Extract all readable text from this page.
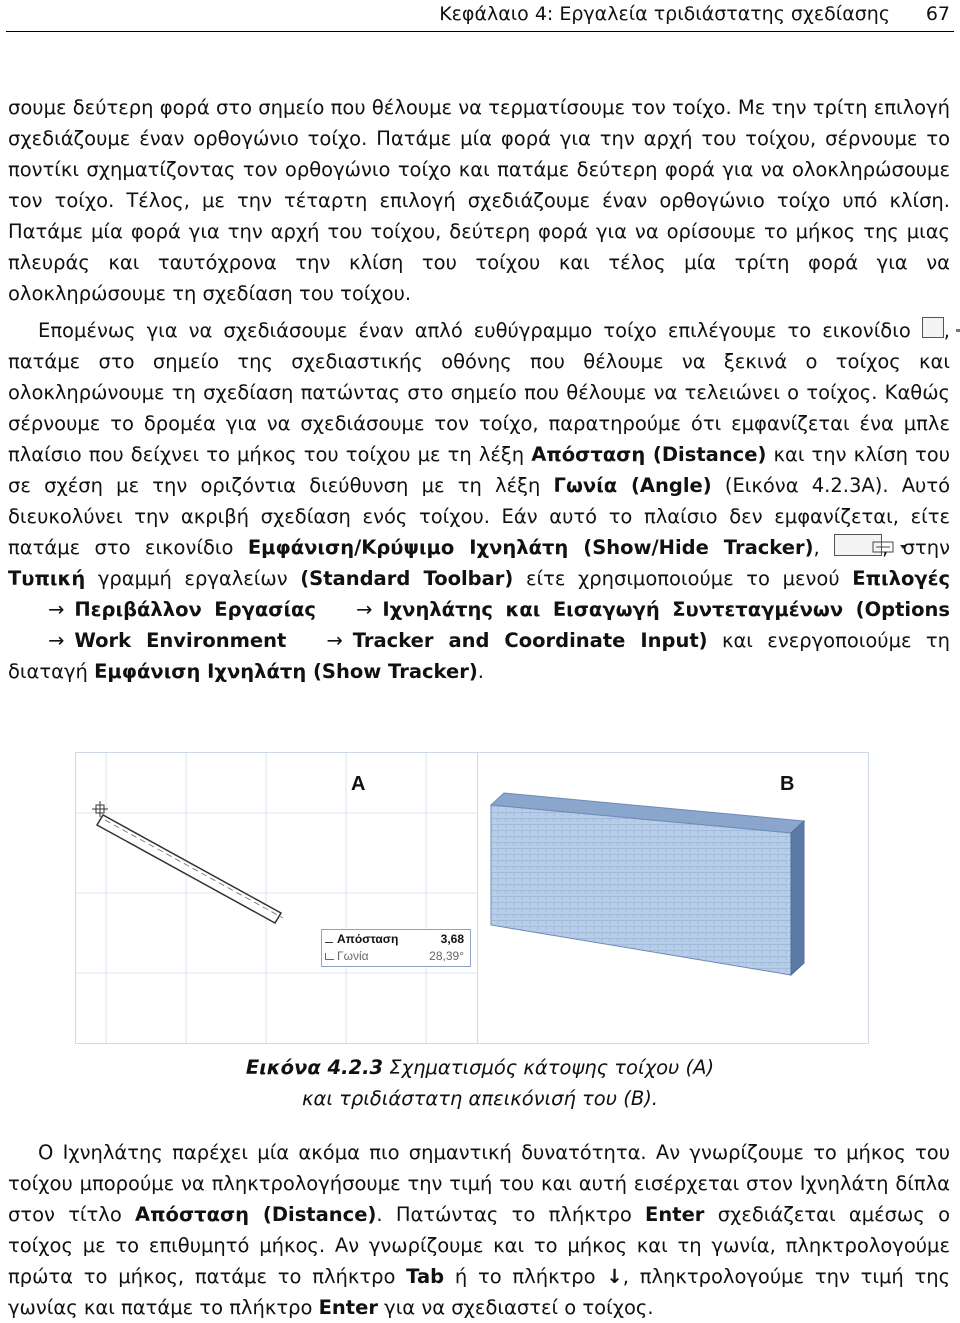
Κεφάλαιο 4: Εργαλεία τριδιάστατης σχεδίασης 67

σουμε δεύτερη φορά στο σημείο που θέλουμε να τερματίσουμε τον τοίχο. Με την τρίτη επιλογή σχεδιάζουμε έναν ορθογώνιο τοίχο. Πατάμε μία φορά για την αρχή του τοίχου, σέρνουμε το ποντίκι σχηματίζοντας τον ορθογώνιο τοίχο και πατάμε δεύτερη φορά για να ολοκληρώσουμε τον τοίχο. Τέλος, με την τέταρτη επιλογή σχεδιάζουμε έναν ορθογώνιο τοίχο υπό κλίση. Πατάμε μία φορά για την αρχή του τοίχου, δεύτερη φορά για να ορίσουμε το μήκος της μιας πλευράς και ταυτόχρονα την κλίση του τοίχου και τέλος μία τρίτη φορά για να ολοκληρώσουμε τη σχεδίαση του τοίχου.

Επομένως για να σχεδιάσουμε έναν απλό ευθύγραμμο τοίχο επιλέγουμε το εικονίδιο , πατάμε στο σημείο της σχεδιαστικής οθόνης που θέλουμε να ξεκινά ο τοίχος και ολοκληρώνουμε τη σχεδίαση πατώντας στο σημείο που θέλουμε να τελειώνει ο τοίχος. Καθώς σέρνουμε το δρομέα για να σχεδιάσουμε τον τοίχο, παρατηρούμε ότι εμφανίζεται ένα μπλε πλαίσιο που δείχνει το μήκος του τοίχου με τη λέξη Απόσταση (Distance) και την κλίση του σε σχέση με την οριζόντια διεύθυνση με τη λέξη Γωνία (Angle) (Εικόνα 4.2.3Α). Αυτό διευκολύνει την ακριβή σχεδίαση ενός τοίχου. Εάν αυτό το πλαίσιο δεν εμφανίζεται, είτε πατάμε στο εικονίδιο Εμφάνιση/Κρύψιμο Ιχνηλάτη (Show/Hide Tracker),	, στην Τυπική γραμμή εργαλείων (Standard Toolbar) είτε χρησιμοποιούμε το μενού Επιλογές→ Περιβάλλον Εργασίας → Ιχνηλάτης και Εισαγωγή Συντεταγμένων (Options→ Work Environment → Tracker and Coordinate Input) και ενεργοποιούμε τη διαταγή Εμφάνιση Ιχνηλάτη (Show Tracker).

Α
Απόσταση	3,68
Γωνία	28,39°
Β
Εικόνα 4.2.3 Σχηματισμός κάτοψης τοίχου (Α)
και τριδιάστατη απεικόνισή του (Β).

Ο Ιχνηλάτης παρέχει μία ακόμα πιο σημαντική δυνατότητα. Αν γνωρίζουμε το μήκος του τοίχου μπορούμε να πληκτρολογήσουμε την τιμή του και αυτή εισέρχεται στον Ιχνηλάτη δίπλα στον τίτλο Απόσταση (Distance). Πατώντας το πλήκτρο Enter σχεδιάζεται αμέσως ο τοίχος με το επιθυμητό μήκος. Αν γνωρίζουμε και το μήκος και τη γωνία, πληκτρολογούμε πρώτα το μήκος, πατάμε το πλήκτρο Tab ή το πλήκτρο ↓, πληκτρολογούμε την τιμή της γωνίας και πατάμε το πλήκτρο Enter για να σχεδιαστεί ο τοίχος.
